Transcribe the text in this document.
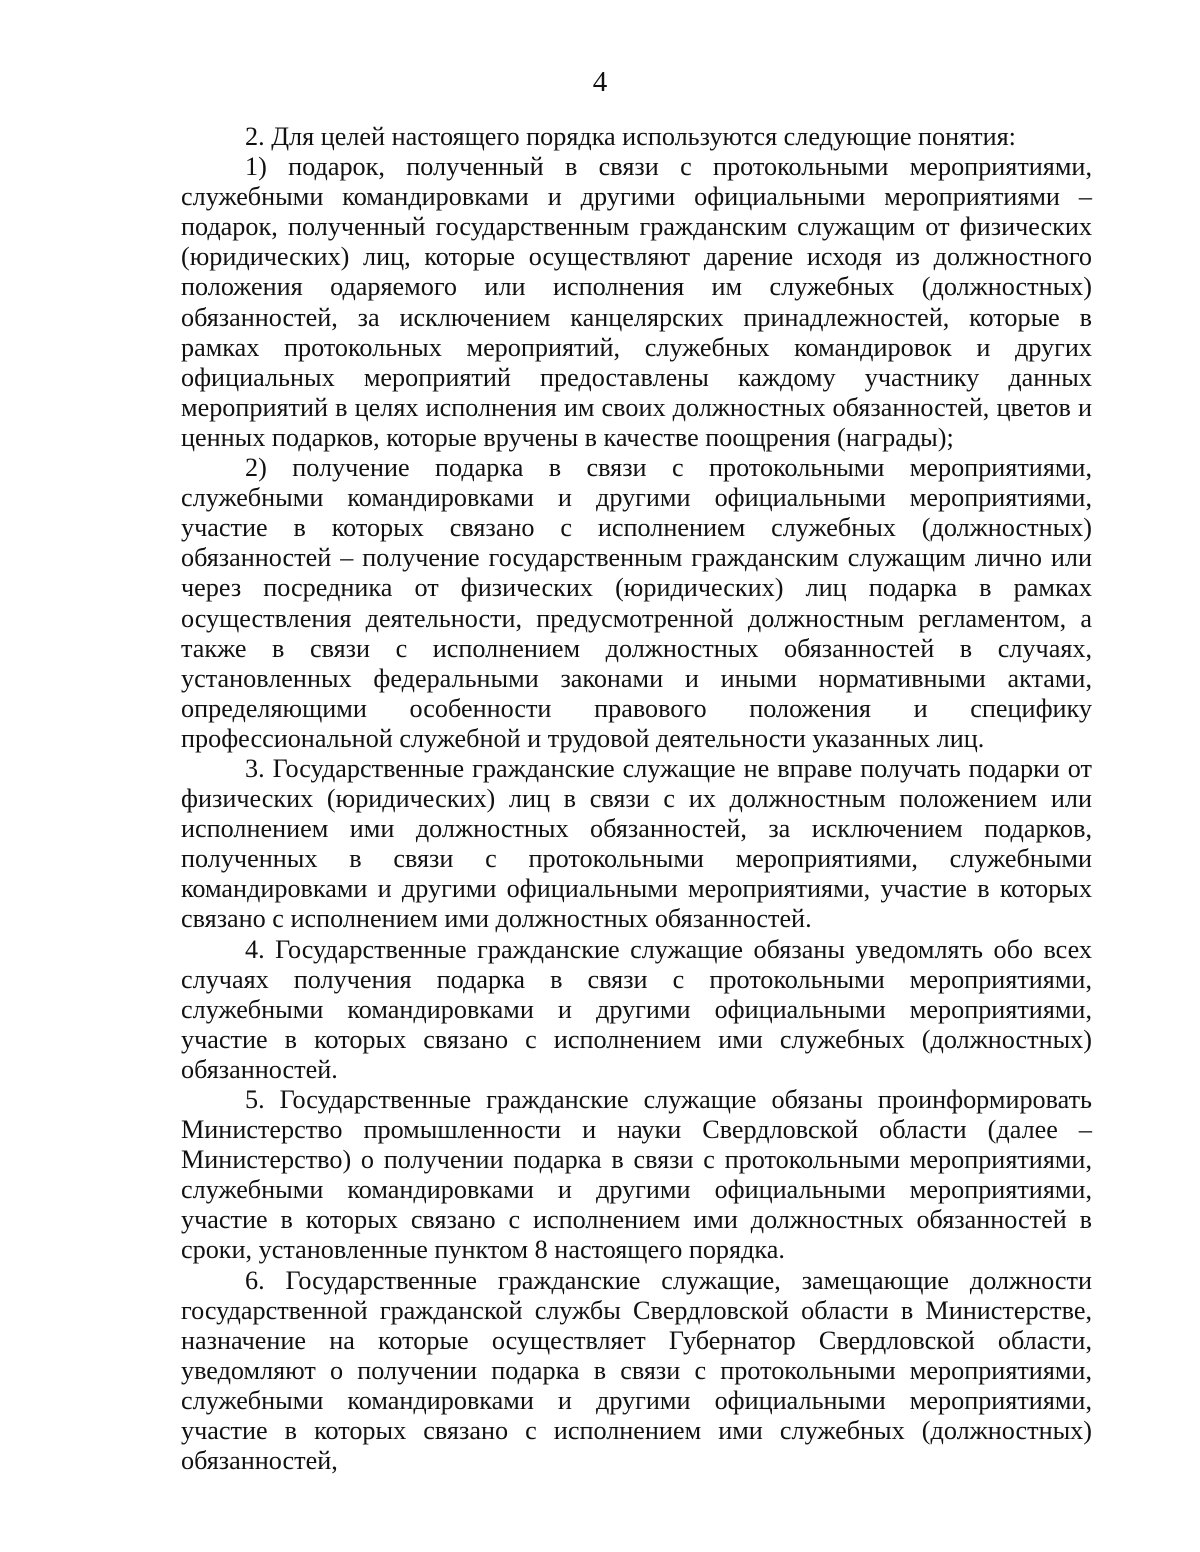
4

2. Для целей настоящего порядка используются следующие понятия:

1) подарок, полученный в связи с протокольными мероприятиями, служебными командировками и другими официальными мероприятиями – подарок, полученный государственным гражданским служащим от физических (юридических) лиц, которые осуществляют дарение исходя из должностного положения одаряемого или исполнения им служебных (должностных) обязанностей, за исключением канцелярских принадлежностей, которые в рамках протокольных мероприятий, служебных командировок и других официальных мероприятий предоставлены каждому участнику данных мероприятий в целях исполнения им своих должностных обязанностей, цветов и ценных подарков, которые вручены в качестве поощрения (награды);

2) получение подарка в связи с протокольными мероприятиями, служебными командировками и другими официальными мероприятиями, участие в которых связано с исполнением служебных (должностных) обязанностей – получение государственным гражданским служащим лично или через посредника от физических (юридических) лиц подарка в рамках осуществления деятельности, предусмотренной должностным регламентом, а также в связи с исполнением должностных обязанностей в случаях, установленных федеральными законами и иными нормативными актами, определяющими особенности правового положения и специфику профессиональной служебной и трудовой деятельности указанных лиц.

3. Государственные гражданские служащие не вправе получать подарки от физических (юридических) лиц в связи с их должностным положением или исполнением ими должностных обязанностей, за исключением подарков, полученных в связи с протокольными мероприятиями, служебными командировками и другими официальными мероприятиями, участие в которых связано с исполнением ими должностных обязанностей.

4. Государственные гражданские служащие обязаны уведомлять обо всех случаях получения подарка в связи с протокольными мероприятиями, служебными командировками и другими официальными мероприятиями, участие в которых связано с исполнением ими служебных (должностных) обязанностей.

5. Государственные гражданские служащие обязаны проинформировать Министерство промышленности и науки Свердловской области (далее – Министерство) о получении подарка в связи с протокольными мероприятиями, служебными командировками и другими официальными мероприятиями, участие в которых связано с исполнением ими должностных обязанностей в сроки, установленные пунктом 8 настоящего порядка.

6. Государственные гражданские служащие, замещающие должности государственной гражданской службы Свердловской области в Министерстве, назначение на которые осуществляет Губернатор Свердловской области, уведомляют о получении подарка в связи с протокольными мероприятиями, служебными командировками и другими официальными мероприятиями, участие в которых связано с исполнением ими служебных (должностных) обязанностей,
